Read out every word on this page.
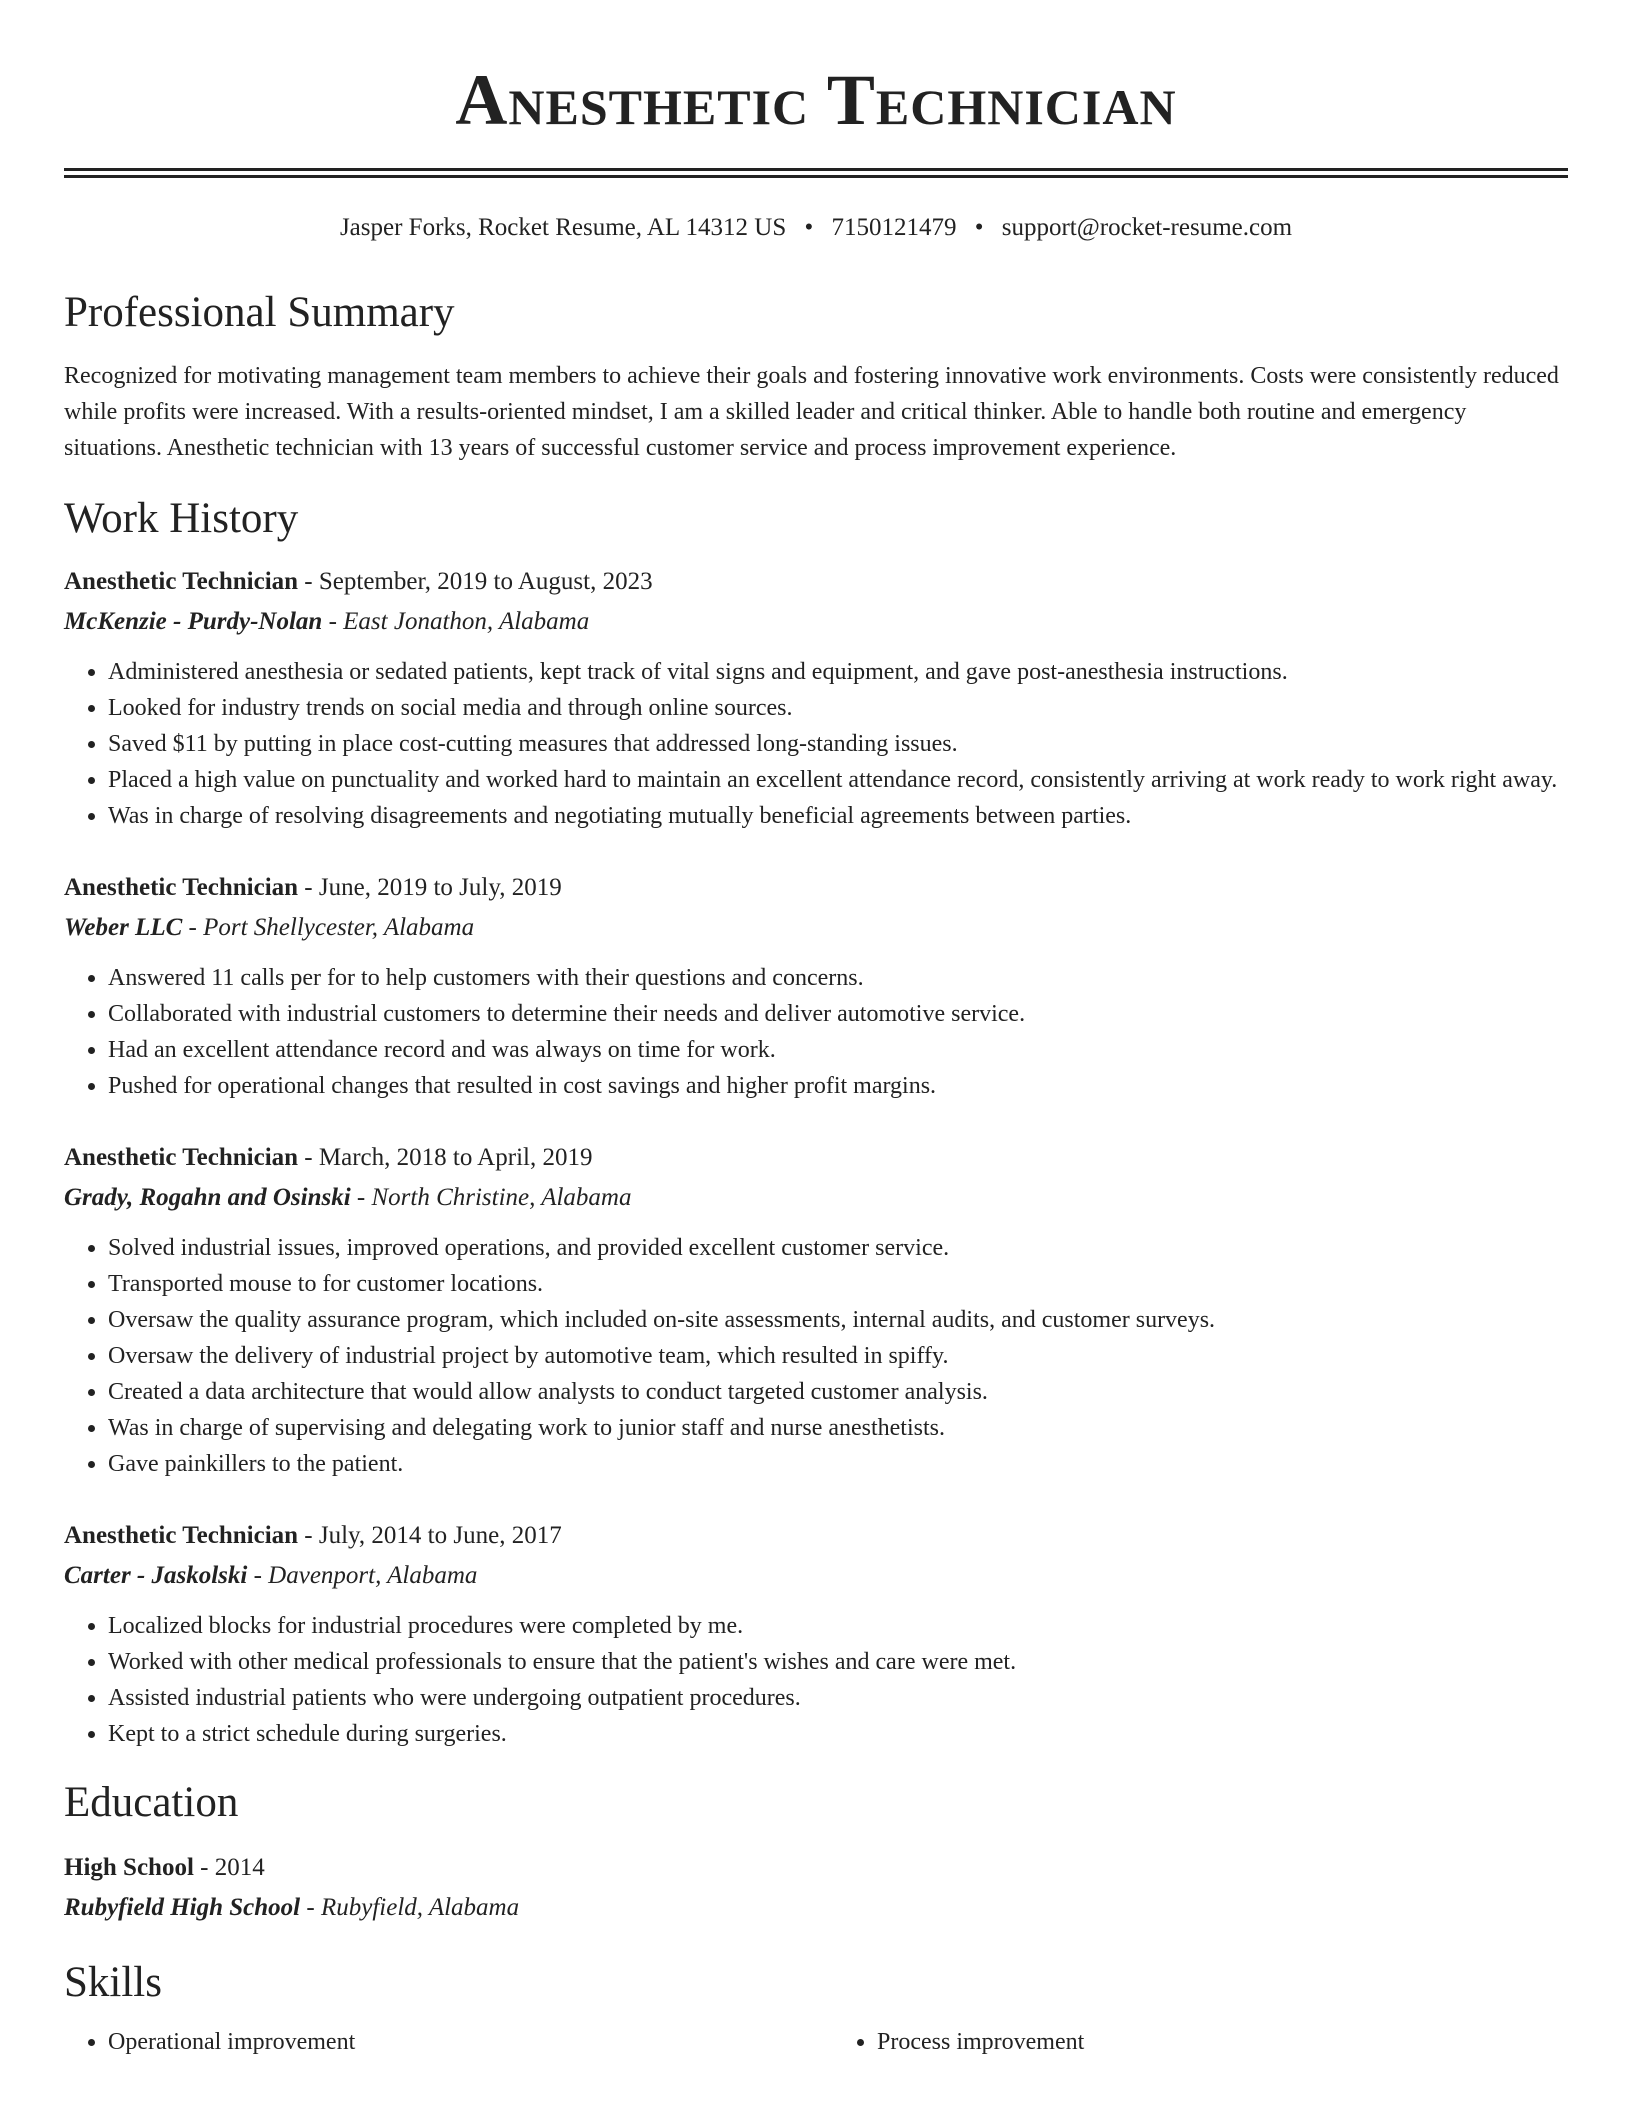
Anesthetic Technician
Jasper Forks, Rocket Resume, AL 14312 US • 7150121479 • support@rocket-resume.com
Professional Summary

Recognized for motivating management team members to achieve their goals and fostering innovative work environments. Costs were consistently reduced while profits were increased. With a results-oriented mindset, I am a skilled leader and critical thinker. Able to handle both routine and emergency situations. Anesthetic technician with 13 years of successful customer service and process improvement experience.

Work History
Anesthetic Technician - September, 2019 to August, 2023
McKenzie - Purdy-Nolan - East Jonathon, Alabama
• Administered anesthesia or sedated patients, kept track of vital signs and equipment, and gave post-anesthesia instructions.
• Looked for industry trends on social media and through online sources.
• Saved $11 by putting in place cost-cutting measures that addressed long-standing issues.
• Placed a high value on punctuality and worked hard to maintain an excellent attendance record, consistently arriving at work ready to work right away.
• Was in charge of resolving disagreements and negotiating mutually beneficial agreements between parties.
Anesthetic Technician - June, 2019 to July, 2019
Weber LLC - Port Shellycester, Alabama
• Answered 11 calls per for to help customers with their questions and concerns.
• Collaborated with industrial customers to determine their needs and deliver automotive service.
• Had an excellent attendance record and was always on time for work.
• Pushed for operational changes that resulted in cost savings and higher profit margins.
Anesthetic Technician - March, 2018 to April, 2019
Grady, Rogahn and Osinski - North Christine, Alabama
• Solved industrial issues, improved operations, and provided excellent customer service.
• Transported mouse to for customer locations.
• Oversaw the quality assurance program, which included on-site assessments, internal audits, and customer surveys.
• Oversaw the delivery of industrial project by automotive team, which resulted in spiffy.
• Created a data architecture that would allow analysts to conduct targeted customer analysis.
• Was in charge of supervising and delegating work to junior staff and nurse anesthetists.
• Gave painkillers to the patient.
Anesthetic Technician - July, 2014 to June, 2017
Carter - Jaskolski - Davenport, Alabama
• Localized blocks for industrial procedures were completed by me.
• Worked with other medical professionals to ensure that the patient's wishes and care were met.
• Assisted industrial patients who were undergoing outpatient procedures.
• Kept to a strict schedule during surgeries.
Education
High School - 2014
Rubyfield High School - Rubyfield, Alabama
Skills
• Operational improvement
•	Process improvement
